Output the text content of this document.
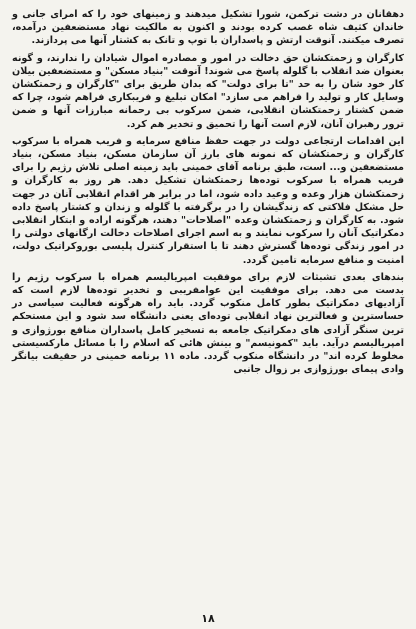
دهقانان در دشت ترکمن، شورا تشکیل میدهند و زمینهای خود را که امرای جانی و خاندان کثیف شاه غصب کرده بودند و اکنون به مالکیت نهاد مستضعفین درآمده، تصرف میکنند. آنوقت ارتش و پاسداران با توپ و تانک به کشتار آنها می پردازند.

کارگران و زحمتکشان حق دخالت در امور و مصادره اموال شیادان را ندارند، و گونه بعنوان ضد انقلاب با گلوله پاسخ می شوند! آنوقت "بنیاد مسکن" و مستضعفین بیلان کار خود شان را به حد "تا برای دولت" که بدان طریق برای "کارگران و زحمتکشان وسایل کار و تولید را فراهم می سازد" امکان تبلیغ و فریبکاری فراهم شود، چرا که ضمن کشتار زحمتکشان انقلابی، ضمن سرکوب بی رحمانه مبارزات آنها و ضمن ترور رهبران آنان، لازم است آنها را تحمیق و تخدیر هم کرد.

این اقدامات ارتجاعی دولت در جهت حفظ منافع سرمایه و فریب همراه با سرکوب کارگران و زحمتکشان که نمونه های بارز آن سازمان مسکن، بنیاد مسکن، بنیاد مستضعفین و... است، طبق برنامه آقای خمینی باید زمینه اصلی تلاش رژیم را برای فریب همراه با سرکوب توده‌ها زحمتکشان تشکیل دهد. هر روز به کارگران و زحمتکشان هزار وعده و وعید داده شود، اما در برابر هر اقدام انقلابی آنان در جهت حل مشکل فلاکتی که زندگیشان را در برگرفته با گلوله و زندان و کشتار پاسخ داده شود. به کارگران و زحمتکشان وعده "اصلاحات" دهند، هرگونه اراده و ابتکار انقلابی دمکراتیک آنان را سرکوب نمایند و به اسم اجرای اصلاحات دخالت ارگانهای دولتی را در امور زندگی توده‌ها گسترش دهند تا با استقرار کنترل پلیسی بوروکراتیک دولت، امنیت و منافع سرمایه تامین گردد.

بندهای بعدی تشبثات لازم برای موفقیت امپریالیسم همراه با سرکوب رژیم را بدست می دهد. برای موفقیت این عوامفریبی و تخدیر توده‌ها لازم است که آزادیهای دمکراتیک بطور کامل منکوب گردد. باید راه هرگونه فعالیت سیاسی در حساسترین و فعالترین نهاد انقلابی توده‌ای یعنی دانشگاه سد شود و این مستحکم ترین سنگر آزادی های دمکراتیک جامعه به تسخیر کامل پاسداران منافع بورژوازی و امپریالیسم درآید. باید "کمونیسم" و بینش هائی که اسلام را با مسائل مارکسیستی مخلوط کرده اند" در دانشگاه منکوب گردد. ماده ۱۱ برنامه خمینی در حقیقت بیانگر وادی پیمای بورژوازی بر زوال جانبی

۱۸
